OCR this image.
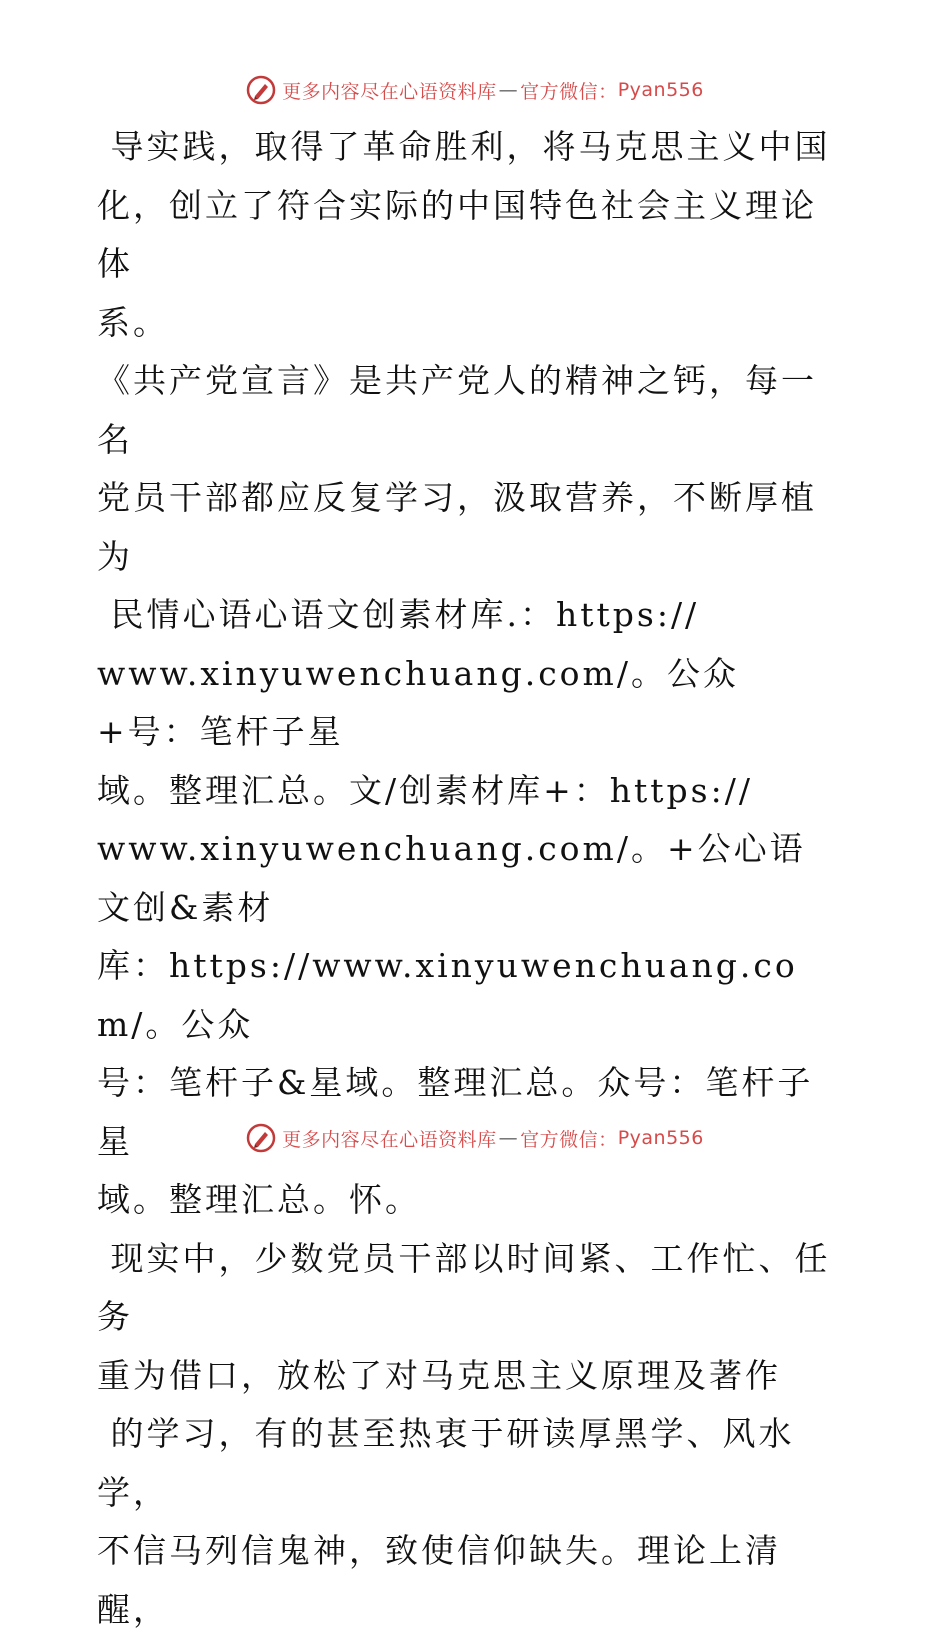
更多内容尽在心语资料库 — 官方微信： Pyan556

导实践，取得了革命胜利，将马克思主义中国
化，创立了符合实际的中国特色社会主义理论体
系。

《共产党宣言》是共产党人的精神之钙，每一名
党员干部都应反复学习，汲取营养，不断厚植为

民情心语心语文创素材库.：https://
www.xinyuwenchuang.com/。公众+号：笔杆子星
域。整理汇总。文/创素材库+：https://
www.xinyuwenchuang.com/。+公心语文创&素材
库：https://www.xinyuwenchuang.com/。公众
号：笔杆子&星域。整理汇总。众号：笔杆子星
域。整理汇总。怀。

现实中，少数党员干部以时间紧、工作忙、任务
重为借口，放松了对马克思主义原理及著作

的学习，有的甚至热衷于研读厚黑学、风水学，
不信马列信鬼神，致使信仰缺失。理论上清醒，

更多内容尽在心语资料库 — 官方微信： Pyan556
